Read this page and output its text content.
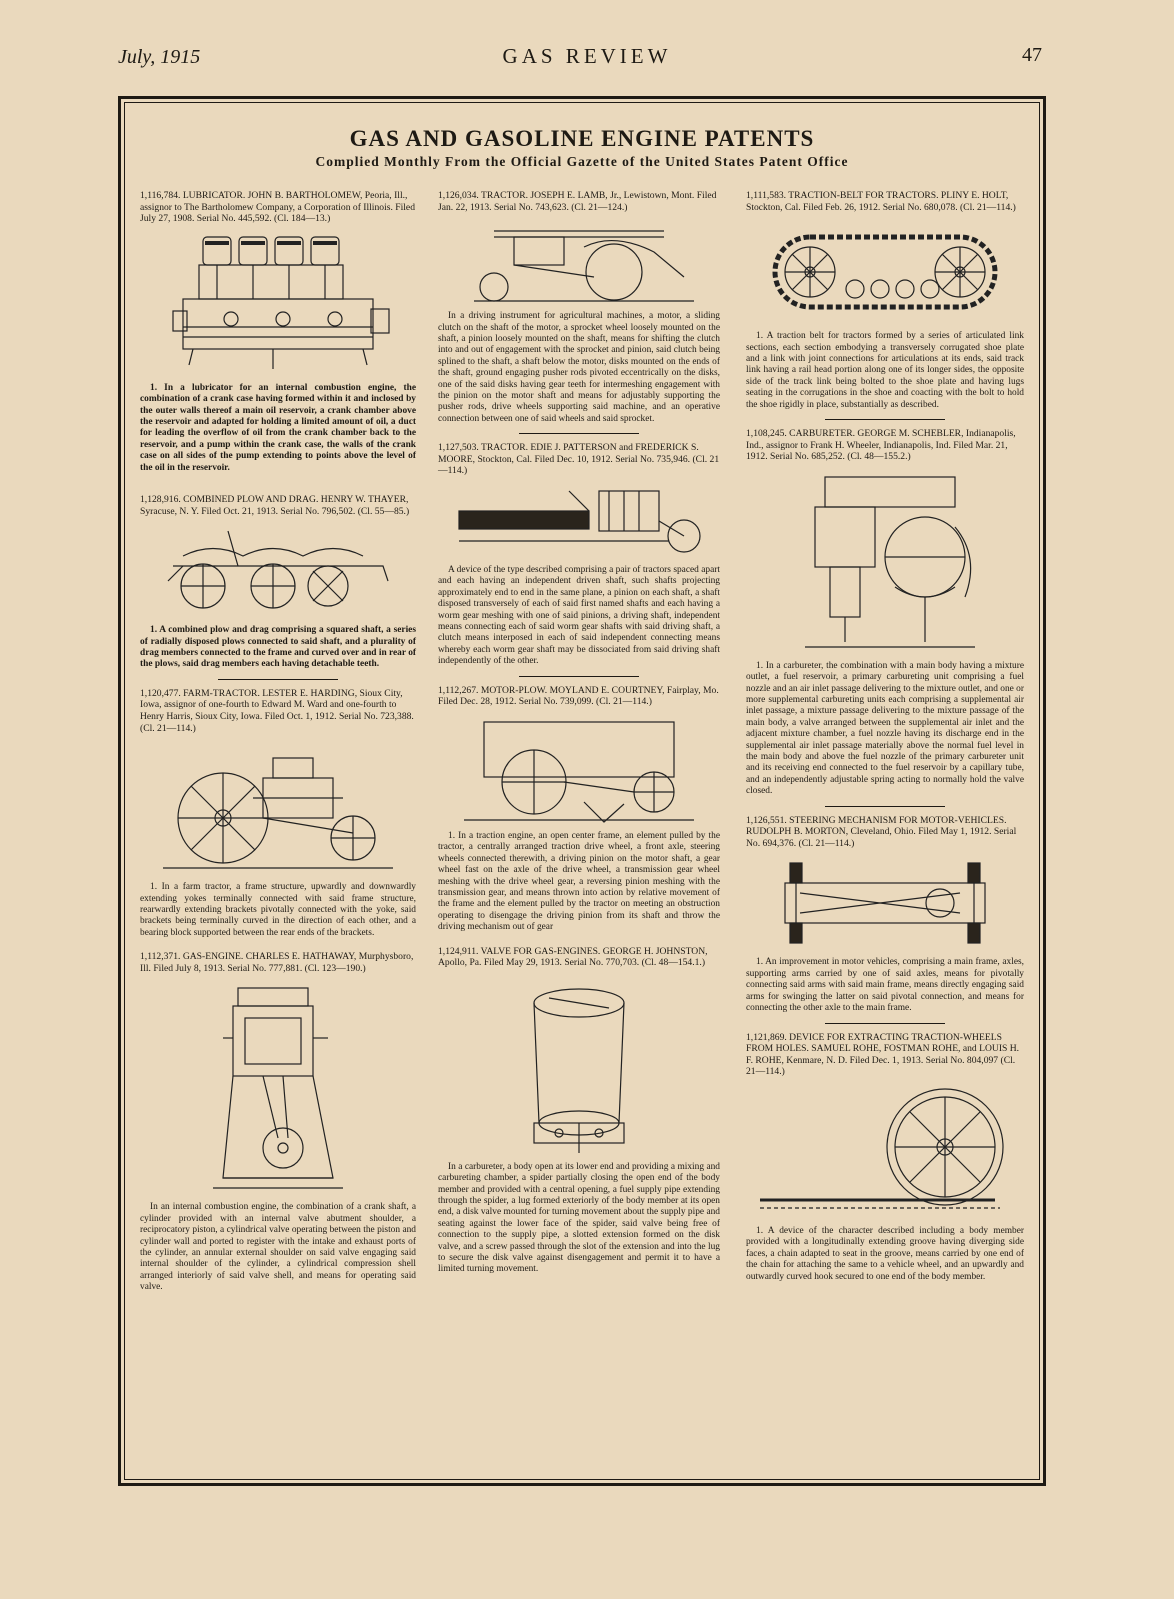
July, 1915	GAS REVIEW	47
GAS AND GASOLINE ENGINE PATENTS
Complied Monthly From the Official Gazette of the United States Patent Office

1,116,784. LUBRICATOR. JOHN B. BARTHOLOMEW, Peoria, Ill., assignor to The Bartholomew Company, a Corporation of Illinois. Filed July 27, 1908. Serial No. 445,592. (Cl. 184—13.)

1. In a lubricator for an internal combustion engine, the combination of a crank case having formed within it and inclosed by the outer walls thereof a main oil reservoir, a crank chamber above the reservoir and adapted for holding a limited amount of oil, a duct for leading the overflow of oil from the crank chamber back to the reservoir, and a pump within the crank case, the walls of the crank case on all sides of the pump extending to points above the level of the oil in the reservoir.

1,128,916. COMBINED PLOW AND DRAG. HENRY W. THAYER, Syracuse, N. Y. Filed Oct. 21, 1913. Serial No. 796,502. (Cl. 55—85.)

1. A combined plow and drag comprising a squared shaft, a series of radially disposed plows connected to said shaft, and a plurality of drag members connected to the frame and curved over and in rear of the plows, said drag members each having detachable teeth.

1,120,477. FARM-TRACTOR. LESTER E. HARDING, Sioux City, Iowa, assignor of one-fourth to Edward M. Ward and one-fourth to Henry Harris, Sioux City, Iowa. Filed Oct. 1, 1912. Serial No. 723,388. (Cl. 21—114.)

1. In a farm tractor, a frame structure, upwardly and downwardly extending yokes terminally connected with said frame structure, rearwardly extending brackets pivotally connected with the yoke, said brackets being terminally curved in the direction of each other, and a bearing block supported between the rear ends of the brackets.

1,112,371. GAS-ENGINE. CHARLES E. HATHAWAY, Murphysboro, Ill. Filed July 8, 1913. Serial No. 777,881. (Cl. 123—190.)

In an internal combustion engine, the combination of a crank shaft, a cylinder provided with an internal valve abutment shoulder, a reciprocatory piston, a cylindrical valve operating between the piston and cylinder wall and ported to register with the intake and exhaust ports of the cylinder, an annular external shoulder on said valve engaging said internal shoulder of the cylinder, a cylindrical compression shell arranged interiorly of said valve shell, and means for operating said valve.

1,126,034. TRACTOR. JOSEPH E. LAMB, Jr., Lewistown, Mont. Filed Jan. 22, 1913. Serial No. 743,623. (Cl. 21—124.)

In a driving instrument for agricultural machines, a motor, a sliding clutch on the shaft of the motor, a sprocket wheel loosely mounted on the shaft, a pinion loosely mounted on the shaft, means for shifting the clutch into and out of engagement with the sprocket and pinion, said clutch being splined to the shaft, a shaft below the motor, disks mounted on the ends of the shaft, ground engaging pusher rods pivoted eccentrically on the disks, one of the said disks having gear teeth for intermeshing engagement with the pinion on the motor shaft and means for adjustably supporting the pusher rods, drive wheels supporting said machine, and an operative connection between one of said wheels and said sprocket.

1,127,503. TRACTOR. EDIE J. PATTERSON and FREDERICK S. MOORE, Stockton, Cal. Filed Dec. 10, 1912. Serial No. 735,946. (Cl. 21—114.)

A device of the type described comprising a pair of tractors spaced apart and each having an independent driven shaft, such shafts projecting approximately end to end in the same plane, a pinion on each shaft, a shaft disposed transversely of each of said first named shafts and each having a worm gear meshing with one of said pinions, a driving shaft, independent means connecting each of said worm gear shafts with said driving shaft, a clutch means interposed in each of said independent connecting means whereby each worm gear shaft may be dissociated from said driving shaft independently of the other.

1,112,267. MOTOR-PLOW. MOYLAND E. COURTNEY, Fairplay, Mo. Filed Dec. 28, 1912. Serial No. 739,099. (Cl. 21—114.)

1. In a traction engine, an open center frame, an element pulled by the tractor, a centrally arranged traction drive wheel, a front axle, steering wheels connected therewith, a driving pinion on the motor shaft, a gear wheel fast on the axle of the drive wheel, a transmission gear wheel meshing with the drive wheel gear, a reversing pinion meshing with the transmission gear, and means thrown into action by relative movement of the frame and the element pulled by the tractor on meeting an obstruction operating to disengage the driving pinion from its shaft and throw the driving mechanism out of gear

1,124,911. VALVE FOR GAS-ENGINES. GEORGE H. JOHNSTON, Apollo, Pa. Filed May 29, 1913. Serial No. 770,703. (Cl. 48—154.1.)

In a carbureter, a body open at its lower end and providing a mixing and carbureting chamber, a spider partially closing the open end of the body member and provided with a central opening, a fuel supply pipe extending through the spider, a lug formed exteriorly of the body member at its open end, a disk valve mounted for turning movement about the supply pipe and seating against the lower face of the spider, said valve being free of connection to the supply pipe, a slotted extension formed on the disk valve, and a screw passed through the slot of the extension and into the lug to secure the disk valve against disengagement and permit it to have a limited turning movement.

1,111,583. TRACTION-BELT FOR TRACTORS. PLINY E. HOLT, Stockton, Cal. Filed Feb. 26, 1912. Serial No. 680,078. (Cl. 21—114.)

1. A traction belt for tractors formed by a series of articulated link sections, each section embodying a transversely corrugated shoe plate and a link with joint connections for articulations at its ends, said track link having a rail head portion along one of its longer sides, the opposite side of the track link being bolted to the shoe plate and having lugs seating in the corrugations in the shoe and coacting with the bolt to hold the shoe rigidly in place, substantially as described.

1,108,245. CARBURETER. GEORGE M. SCHEBLER, Indianapolis, Ind., assignor to Frank H. Wheeler, Indianapolis, Ind. Filed Mar. 21, 1912. Serial No. 685,252. (Cl. 48—155.2.)

1. In a carbureter, the combination with a main body having a mixture outlet, a fuel reservoir, a primary carbureting unit comprising a fuel nozzle and an air inlet passage delivering to the mixture outlet, and one or more supplemental carbureting units each comprising a supplemental air inlet passage, a mixture passage delivering to the mixture passage of the main body, a valve arranged between the supplemental air inlet and the adjacent mixture chamber, a fuel nozzle having its discharge end in the supplemental air inlet passage materially above the normal fuel level in the main body and above the fuel nozzle of the primary carbureter unit and its receiving end connected to the fuel reservoir by a capillary tube, and an independently adjustable spring acting to normally hold the valve closed.

1,126,551. STEERING MECHANISM FOR MOTOR-VEHICLES. RUDOLPH B. MORTON, Cleveland, Ohio. Filed May 1, 1912. Serial No. 694,376. (Cl. 21—114.)

1. An improvement in motor vehicles, comprising a main frame, axles, supporting arms carried by one of said axles, means for pivotally connecting said arms with said main frame, means directly engaging said arms for swinging the latter on said pivotal connection, and means for connecting the other axle to the main frame.

1,121,869. DEVICE FOR EXTRACTING TRACTION-WHEELS FROM HOLES. SAMUEL ROHE, FOSTMAN ROHE, and LOUIS H. F. ROHE, Kenmare, N. D. Filed Dec. 1, 1913. Serial No. 804,097 (Cl. 21—114.)

1. A device of the character described including a body member provided with a longitudinally extending groove having diverging side faces, a chain adapted to seat in the groove, means carried by one end of the chain for attaching the same to a vehicle wheel, and an upwardly and outwardly curved hook secured to one end of the body member.
